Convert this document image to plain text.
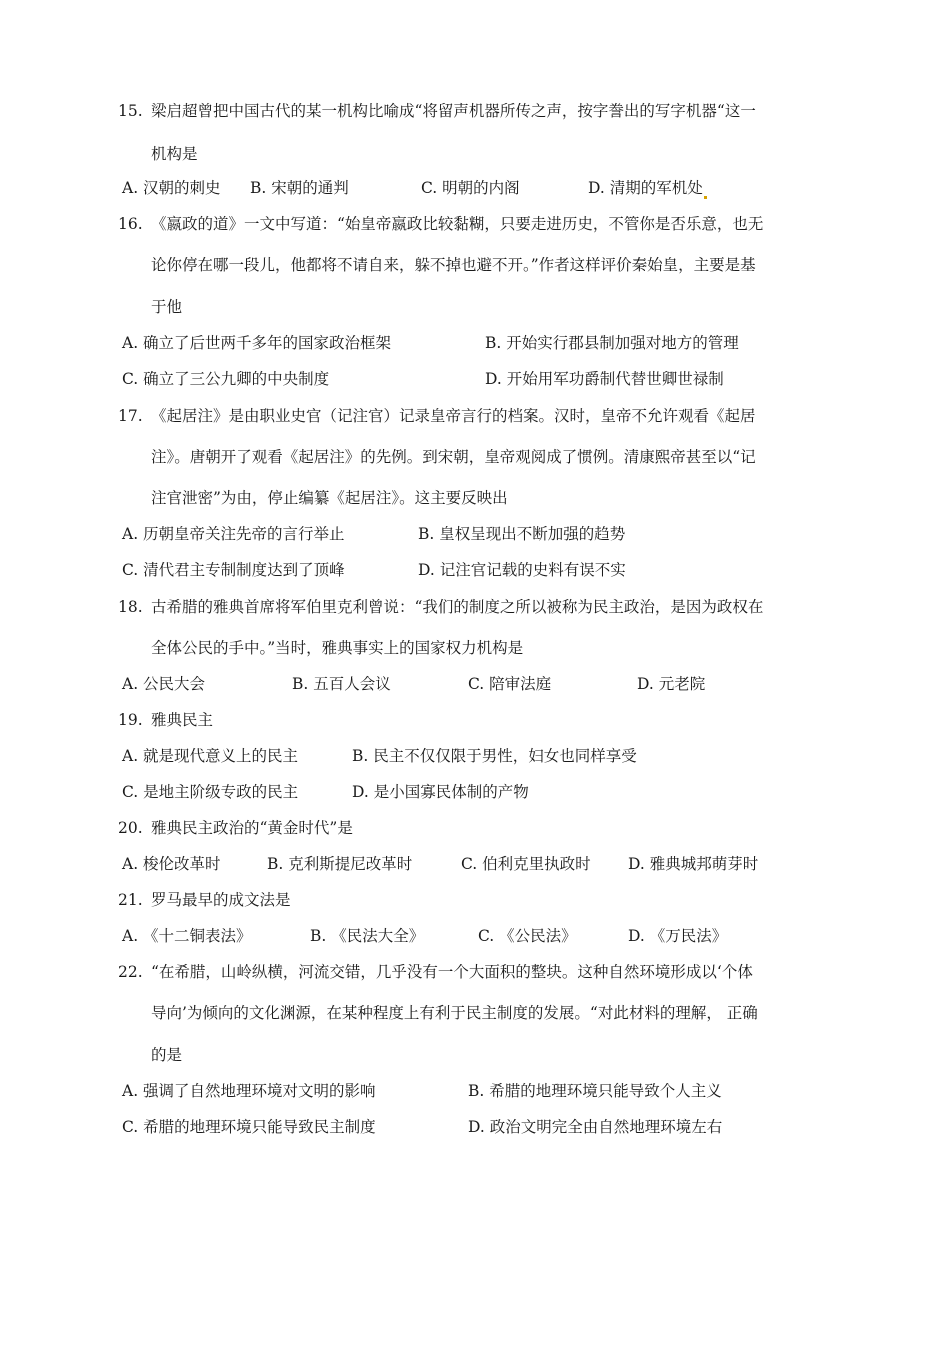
15. 梁启超曾把中国古代的某一机构比喻成“将留声机器所传之声，按字誊出的写字机器“这一
机构是
A. 汉朝的刺史 B. 宋朝的通判	C. 明朝的内阁	D. 清期的军机处
16. 《嬴政的道》一文中写道：“始皇帝嬴政比较黏糊，只要走进历史，不管你是否乐意，也无
论你停在哪一段儿，他都将不请自来，躲不掉也避不开。”作者这样评价秦始皇，主要是基
于他
A. 确立了后世两千多年的国家政治框架	B. 开始实行郡县制加强对地方的管理
C. 确立了三公九卿的中央制度	D. 开始用军功爵制代替世卿世禄制
17. 《起居注》是由职业史官（记注官）记录皇帝言行的档案。汉时，皇帝不允许观看《起居
注》。唐朝开了观看《起居注》的先例。到宋朝，皇帝观阅成了惯例。清康熙帝甚至以“记
注官泄密”为由，停止编纂《起居注》。这主要反映出
A. 历朝皇帝关注先帝的言行举止	B. 皇权呈现出不断加强的趋势
C. 清代君主专制制度达到了顶峰	D. 记注官记载的史料有误不实
18. 古希腊的雅典首席将军伯里克利曾说：“我们的制度之所以被称为民主政治，是因为政权在
全体公民的手中。”当时，雅典事实上的国家权力机构是
A. 公民大会	B. 五百人会议	C. 陪审法庭	D. 元老院
19. 雅典民主
A. 就是现代意义上的民主	B. 民主不仅仅限于男性，妇女也同样享受
C. 是地主阶级专政的民主	D. 是小国寡民体制的产物
20. 雅典民主政治的“黄金时代”是
A. 梭伦改革时	B. 克利斯提尼改革时	C. 伯利克里执政时 D. 雅典城邦萌芽时
21. 罗马最早的成文法是
A. 《十二铜表法》	B. 《民法大全》	C. 《公民法》	D. 《万民法》
22. “在希腊，山岭纵横，河流交错，几乎没有一个大面积的整块。这种自然环境形成以‘个体
导向’为倾向的文化渊源，在某种程度上有利于民主制度的发展。“对此材料的理解， 正确
的是
A. 强调了自然地理环境对文明的影响	B. 希腊的地理环境只能导致个人主义
C. 希腊的地理环境只能导致民主制度	D. 政治文明完全由自然地理环境左右
